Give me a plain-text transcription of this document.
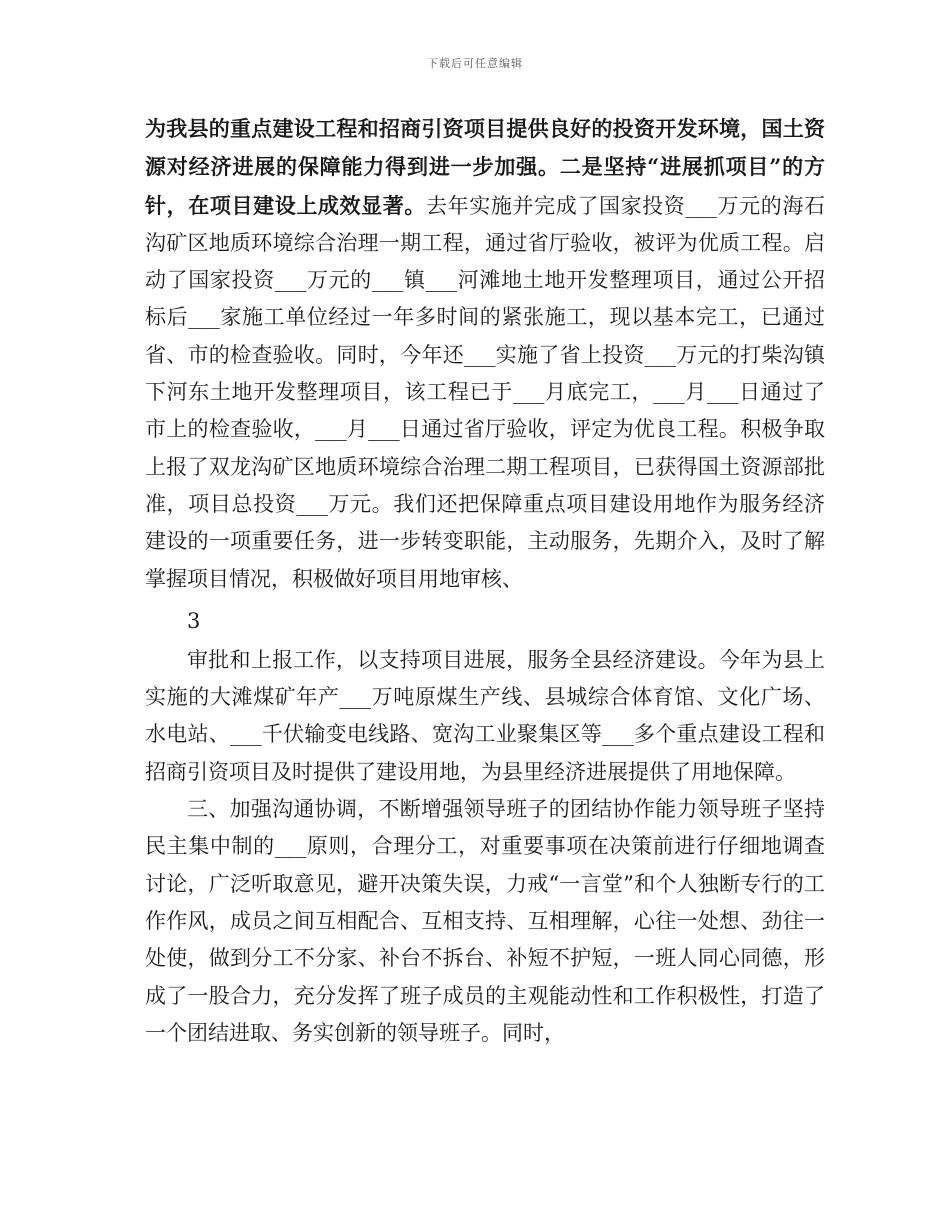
下载后可任意编辑

为我县的重点建设工程和招商引资项目提供良好的投资开发环境，国土资源对经济进展的保障能力得到进一步加强。二是坚持“进展抓项目”的方针，在项目建设上成效显著。去年实施并完成了国家投资___万元的海石沟矿区地质环境综合治理一期工程，通过省厅验收，被评为优质工程。启动了国家投资___万元的___镇___河滩地土地开发整理项目，通过公开招标后___家施工单位经过一年多时间的紧张施工，现以基本完工，已通过省、市的检查验收。同时，今年还___实施了省上投资___万元的打柴沟镇下河东土地开发整理项目，该工程已于___月底完工，___月___日通过了市上的检查验收，___月___日通过省厅验收，评定为优良工程。积极争取上报了双龙沟矿区地质环境综合治理二期工程项目，已获得国土资源部批准，项目总投资___万元。我们还把保障重点项目建设用地作为服务经济建设的一项重要任务，进一步转变职能，主动服务，先期介入，及时了解掌握项目情况，积极做好项目用地审核、

3

审批和上报工作，以支持项目进展，服务全县经济建设。今年为县上实施的大滩煤矿年产___万吨原煤生产线、县城综合体育馆、文化广场、水电站、___千伏输变电线路、宽沟工业聚集区等___多个重点建设工程和招商引资项目及时提供了建设用地，为县里经济进展提供了用地保障。

三、加强沟通协调，不断增强领导班子的团结协作能力领导班子坚持民主集中制的___原则，合理分工，对重要事项在决策前进行仔细地调查讨论，广泛听取意见，避开决策失误，力戒“一言堂”和个人独断专行的工作作风，成员之间互相配合、互相支持、互相理解，心往一处想、劲往一处使，做到分工不分家、补台不拆台、补短不护短，一班人同心同德，形成了一股合力，充分发挥了班子成员的主观能动性和工作积极性，打造了一个团结进取、务实创新的领导班子。同时，
